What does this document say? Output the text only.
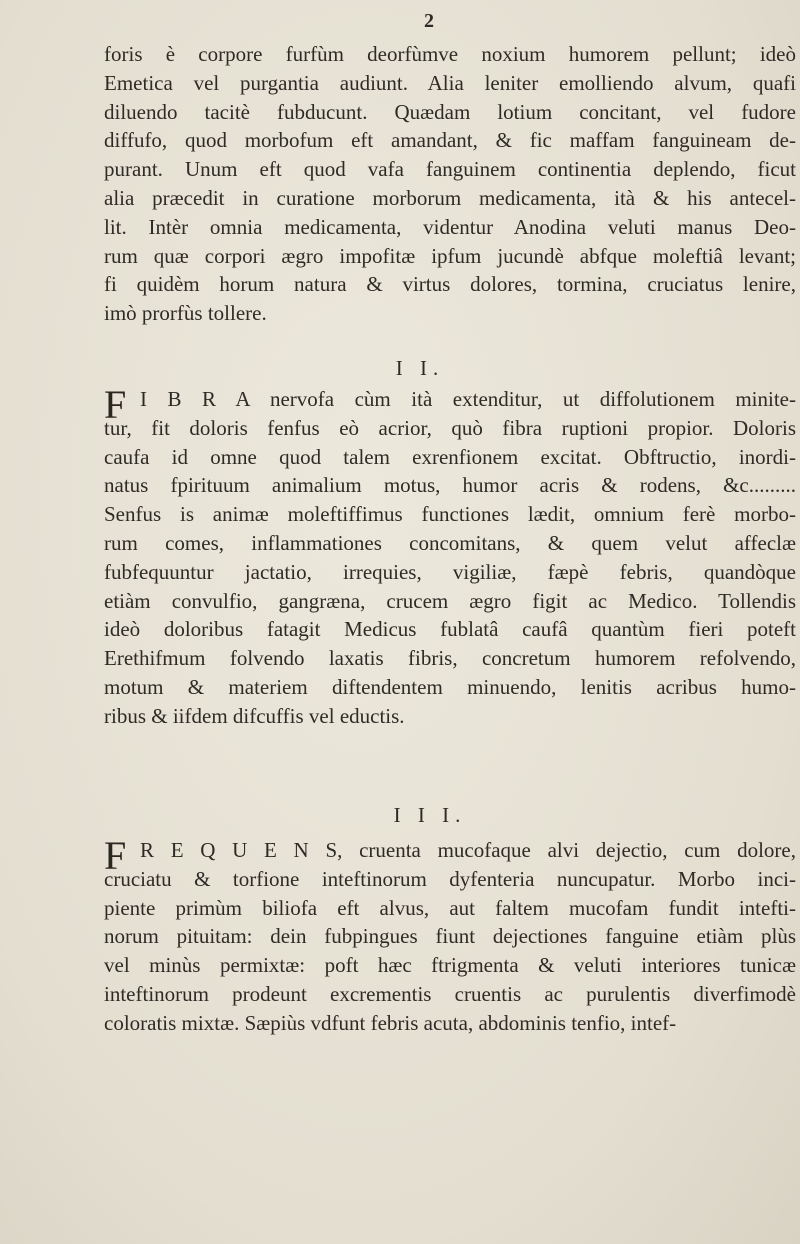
2
foris è corpore furfùm deorfùmve noxium humorem pellunt; ideò
Emetica vel purgantia audiunt. Alia leniter emolliendo alvum, quafi
diluendo tacitè fubducunt. Quædam lotium concitant, vel fudore
diffufo, quod morbofum eft amandant, & fic maffam fanguineam de-
purant. Unum eft quod vafa fanguinem continentia deplendo, ficut
alia præcedit in curatione morborum medicamenta, ità & his antecel-
lit. Intèr omnia medicamenta, videntur Anodina veluti manus Deo-
rum quæ corpori ægro impofitæ ipfum jucundè abfque moleftiâ levant;
fi quidèm horum natura & virtus dolores, tormina, cruciatus lenire,
imò prorfùs tollere.
I I.
F I B R A nervofa cùm ità extenditur, ut diffolutionem minite-
tur, fit doloris fenfus eò acrior, quò fibra ruptioni propior. Doloris
caufa id omne quod talem exrenfionem excitat. Obftructio, inordi-
natus fpirituum animalium motus, humor acris & rodens, &c.........
Senfus is animæ moleftiffimus functiones lædit, omnium ferè morbo-
rum comes, inflammationes concomitans, & quem velut affeclæ
fubfequuntur jactatio, irrequies, vigiliæ, fæpè febris, quandòque
etiàm convulfio, gangræna, crucem ægro figit ac Medico. Tollendis
ideò doloribus fatagit Medicus fublatâ caufâ quantùm fieri poteft
Erethifmum folvendo laxatis fibris, concretum humorem refolvendo,
motum & materiem diftendentem minuendo, lenitis acribus humo-
ribus & iifdem difcuffis vel eductis.
I I I.
F R E Q U E N S, cruenta mucofaque alvi dejectio, cum dolore,
cruciatu & torfione inteftinorum dyfenteria nuncupatur. Morbo inci-
piente primùm biliofa eft alvus, aut faltem mucofam fundit intefti-
norum pituitam: dein fubpingues fiunt dejectiones fanguine etiàm plùs
vel minùs permixtæ: poft hæc ftrigmenta & veluti interiores tunicæ
inteftinorum prodeunt excrementis cruentis ac purulentis diverfimodè
coloratis mixtæ. Sæpiùs vdfunt febris acuta, abdominis tenfio, intef-
